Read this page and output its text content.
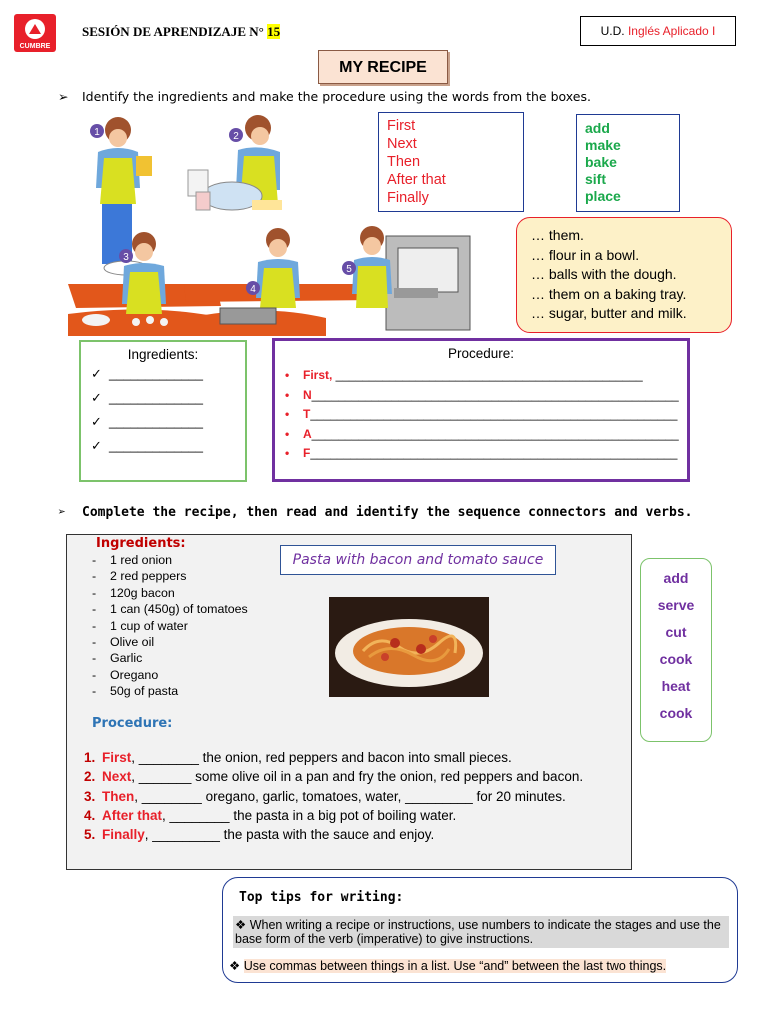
CUMBRE
SESIÓN DE APRENDIZAJE N° 15	U.D. Inglés Aplicado I
MY RECIPE
➢ Identify the ingredients and make the procedure using the words from the boxes.
1	2
3
4
5
First
Next
Then
After that
Finally
add
make
bake
sift
place
… them.
… flour in a bowl.
… balls with the dough.
… them on a baking tray.
… sugar, butter and milk.
Ingredients:
✓ _____________
✓ _____________
✓ _____________
✓ _____________
Procedure:
• First, ______________________________________________
• N_______________________________________________________
• T_______________________________________________________
• A_______________________________________________________
• F_______________________________________________________
➢ Complete the recipe, then read and identify the sequence connectors and verbs.
Ingredients:
- 1 red onion
- 2 red peppers
- 120g bacon
- 1 can (450g) of tomatoes
- 1 cup of water
- Olive oil
- Garlic
- Oregano
- 50g of pasta
Pasta with bacon and tomato sauce
Procedure:
1. First, ________ the onion, red peppers and bacon into small pieces.
2. Next, _______ some olive oil in a pan and fry the onion, red peppers and bacon.
3. Then, ________ oregano, garlic, tomatoes, water, _________ for 20 minutes.
4. After that, ________ the pasta in a big pot of boiling water.
5. Finally, _________ the pasta with the sauce and enjoy.
add
serve
cut
cook
heat
cook
Top tips for writing:
❖ When writing a recipe or instructions, use numbers to indicate the stages and use the base form of the verb (imperative) to give instructions.
❖ Use commas between things in a list. Use “and” between the last two things.
